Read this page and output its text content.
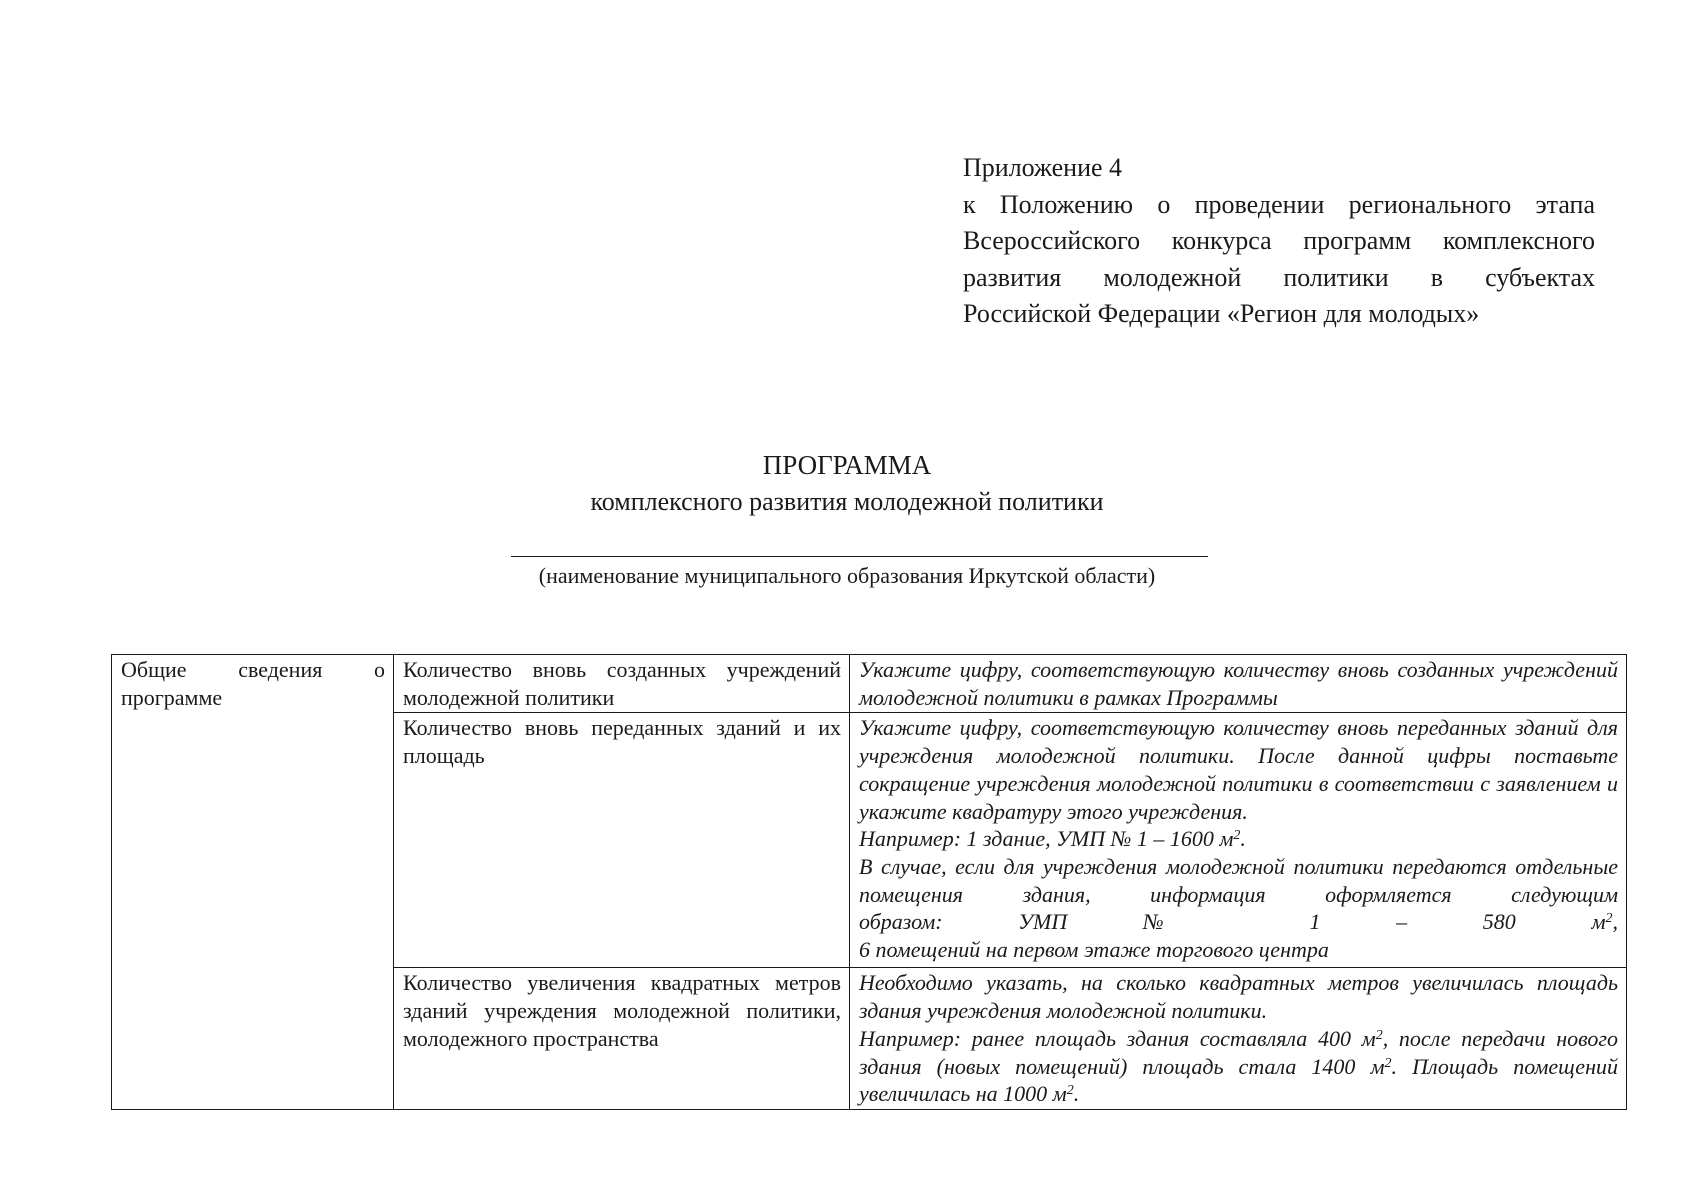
Приложение 4
к Положению о проведении регионального этапа
Всероссийского конкурса программ комплексного
развития молодежной политики в субъектах
Российской Федерации «Регион для молодых»
ПРОГРАММА
комплексного развития молодежной политики
(наименование муниципального образования Иркутской области)
Общие сведения о программе	Количество вновь созданных учреждений молодежной политики	Укажите цифру, соответствующую количеству вновь созданных учреждений молодежной политики в рамках Программы
	Количество вновь переданных зданий и их площадь	Укажите цифру, соответствующую количеству вновь переданных зданий для учреждения молодежной политики. После данной цифры поставьте сокращение учреждения молодежной политики в соответствии с заявлением и укажите квадратуру этого учреждения.

Например: 1 здание, УМП № 1 – 1600 $м^2$.

В случае, если для учреждения молодежной политики передаются отдельные помещения здания, информация оформляется следующим

образом: УМП № 1 – 580 $м^2$,

6 помещений на первом этаже торгового центра

	Количество увеличения квадратных метров зданий учреждения молодежной политики, молодежного пространства	Необходимо указать, на сколько квадратных метров увеличилась площадь здания учреждения молодежной политики.

Например: ранее площадь здания составляла 400 $м^2$, после передачи нового здания (новых помещений) площадь стала 1400 $м^2$. Площадь помещений увеличилась на 1000 $м^2$.
